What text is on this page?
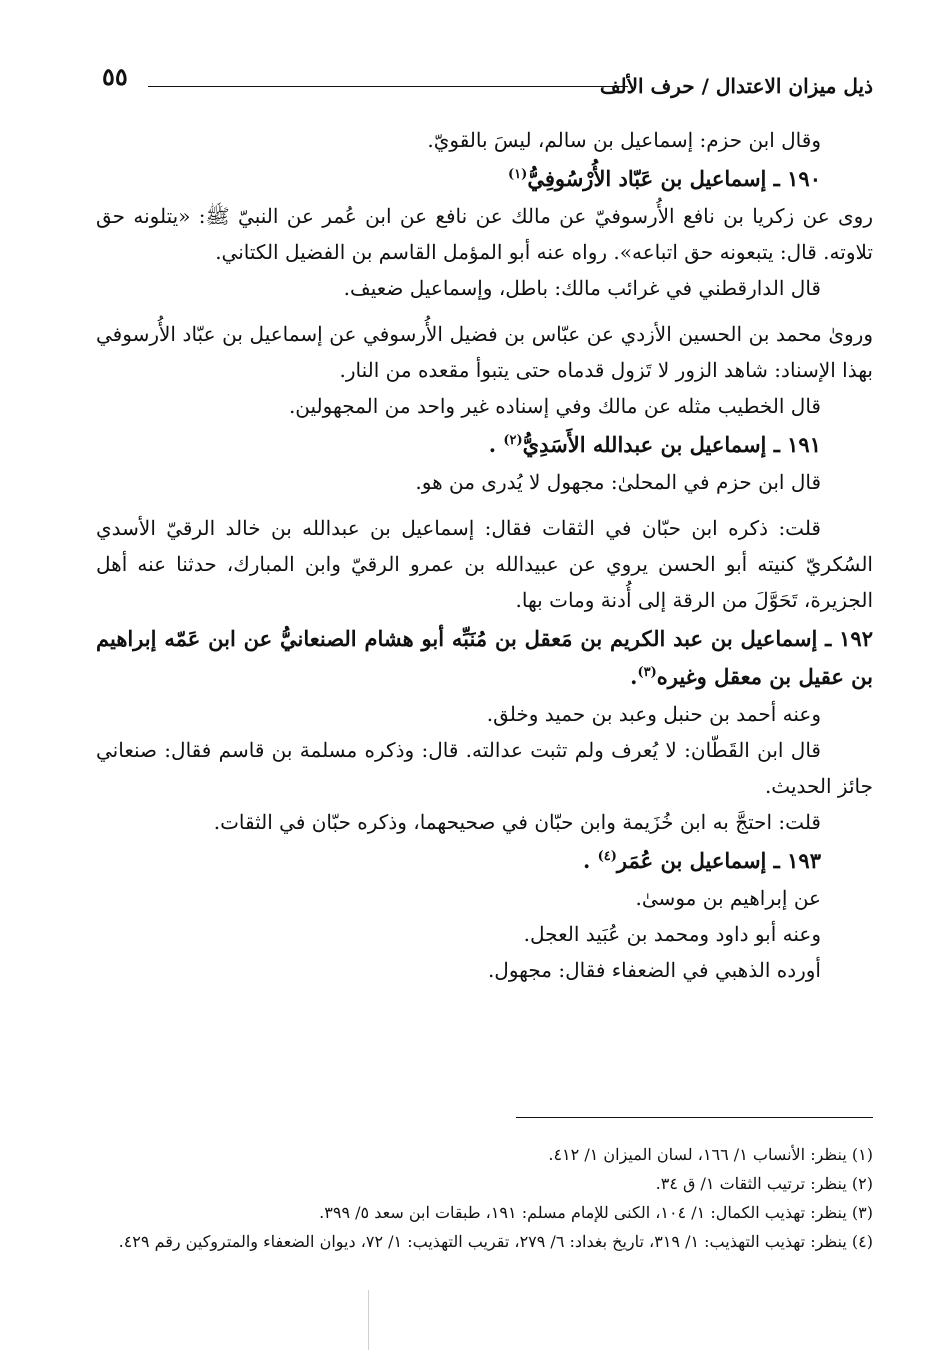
٥٥	ذيل ميزان الاعتدال / حرف الألف

وقال ابن حزم: إسماعيل بن سالم، ليسَ بالقويّ.

١٩٠ ـ إسماعيل بن عَبّاد الأُرْسُوفِيُّ$^{(١)}$

روى عن زكريا بن نافع الأُرسوفيّ عن مالك عن نافع عن ابن عُمر عن النبيّ ﷺ: «يتلونه حق تلاوته. قال: يتبعونه حق اتباعه». رواه عنه أبو المؤمل القاسم بن الفضيل الكتاني.

قال الدارقطني في غرائب مالك: باطل، وإسماعيل ضعيف.

وروىٰ محمد بن الحسين الأزدي عن عبّاس بن فضيل الأُرسوفي عن إسماعيل بن عبّاد الأُرسوفي بهذا الإسناد: شاهد الزور لا تَزول قدماه حتى يتبوأ مقعده من النار.

قال الخطيب مثله عن مالك وفي إسناده غير واحد من المجهولين.

١٩١ ـ إسماعيل بن عبدالله الأَسَدِيُّ$^{(٢)}$ .

قال ابن حزم في المحلىٰ: مجهول لا يُدرى من هو.

قلت: ذكره ابن حبّان في الثقات فقال: إسماعيل بن عبدالله بن خالد الرقيّ الأسدي السُكريّ كنيته أبو الحسن يروي عن عبيدالله بن عمرو الرقيّ وابن المبارك، حدثنا عنه أهل الجزيرة، تَحَوَّلَ من الرقة إلى أُدنة ومات بها.

١٩٢ ـ إسماعيل بن عبد الكريم بن مَعقل بن مُنَبِّه أبو هشام الصنعانيُّ عن ابن عَمّه إبراهيم بن عقيل بن معقل وغيره$^{(٣)}$.

وعنه أحمد بن حنبل وعبد بن حميد وخلق.

قال ابن القَطّان: لا يُعرف ولم تثبت عدالته. قال: وذكره مسلمة بن قاسم فقال: صنعاني جائز الحديث.

قلت: احتجَّ به ابن خُزَيمة وابن حبّان في صحيحهما، وذكره حبّان في الثقات.

١٩٣ ـ إسماعيل بن عُمَر$^{(٤)}$ .

عن إبراهيم بن موسىٰ.

وعنه أبو داود ومحمد بن عُبَيد العجل.

أورده الذهبي في الضعفاء فقال: مجهول.

(١) ينظر: الأنساب ١/ ١٦٦، لسان الميزان ١/ ٤١٢.

(٢) ينظر: ترتيب الثقات ١/ ق ٣٤.

(٣) ينظر: تهذيب الكمال: ١/ ١٠٤، الكنى للإمام مسلم: ١٩١، طبقات ابن سعد ٥/ ٣٩٩.

(٤) ينظر: تهذيب التهذيب: ١/ ٣١٩، تاريخ بغداد: ٦/ ٢٧٩، تقريب التهذيب: ١/ ٧٢، ديوان الضعفاء والمتروكين رقم ٤٢٩.
